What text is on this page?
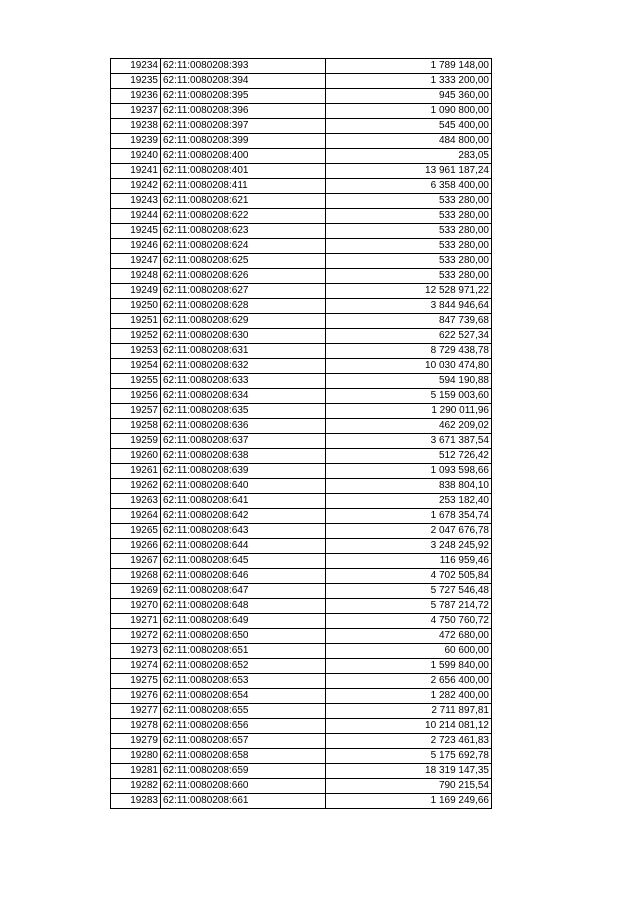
19234	62:11:0080208:393	1 789 148,00
19235	62:11:0080208:394	1 333 200,00
19236	62:11:0080208:395	945 360,00
19237	62:11:0080208:396	1 090 800,00
19238	62:11:0080208:397	545 400,00
19239	62:11:0080208:399	484 800,00
19240	62:11:0080208:400	283,05
19241	62:11:0080208:401	13 961 187,24
19242	62:11:0080208:411	6 358 400,00
19243	62:11:0080208:621	533 280,00
19244	62:11:0080208:622	533 280,00
19245	62:11:0080208:623	533 280,00
19246	62:11:0080208:624	533 280,00
19247	62:11:0080208:625	533 280,00
19248	62:11:0080208:626	533 280,00
19249	62:11:0080208:627	12 528 971,22
19250	62:11:0080208:628	3 844 946,64
19251	62:11:0080208:629	847 739,68
19252	62:11:0080208:630	622 527,34
19253	62:11:0080208:631	8 729 438,78
19254	62:11:0080208:632	10 030 474,80
19255	62:11:0080208:633	594 190,88
19256	62:11:0080208:634	5 159 003,60
19257	62:11:0080208:635	1 290 011,96
19258	62:11:0080208:636	462 209,02
19259	62:11:0080208:637	3 671 387,54
19260	62:11:0080208:638	512 726,42
19261	62:11:0080208:639	1 093 598,66
19262	62:11:0080208:640	838 804,10
19263	62:11:0080208:641	253 182,40
19264	62:11:0080208:642	1 678 354,74
19265	62:11:0080208:643	2 047 676,78
19266	62:11:0080208:644	3 248 245,92
19267	62:11:0080208:645	116 959,46
19268	62:11:0080208:646	4 702 505,84
19269	62:11:0080208:647	5 727 546,48
19270	62:11:0080208:648	5 787 214,72
19271	62:11:0080208:649	4 750 760,72
19272	62:11:0080208:650	472 680,00
19273	62:11:0080208:651	60 600,00
19274	62:11:0080208:652	1 599 840,00
19275	62:11:0080208:653	2 656 400,00
19276	62:11:0080208:654	1 282 400,00
19277	62:11:0080208:655	2 711 897,81
19278	62:11:0080208:656	10 214 081,12
19279	62:11:0080208:657	2 723 461,83
19280	62:11:0080208:658	5 175 692,78
19281	62:11:0080208:659	18 319 147,35
19282	62:11:0080208:660	790 215,54
19283	62:11:0080208:661	1 169 249,66
